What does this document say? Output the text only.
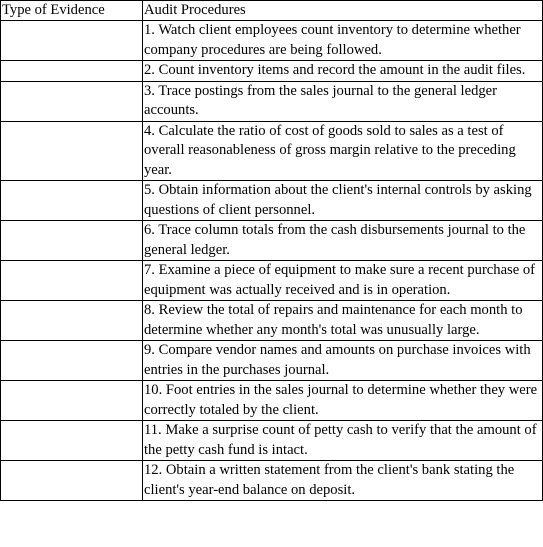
Type of Evidence	Audit Procedures
	1. Watch client employees count inventory to determine whether company procedures are being followed.
	2. Count inventory items and record the amount in the audit files.
	3. Trace postings from the sales journal to the general ledger accounts.
	4. Calculate the ratio of cost of goods sold to sales as a test of overall reasonableness of gross margin relative to the preceding year.
	5. Obtain information about the client's internal controls by asking questions of client personnel.
	6. Trace column totals from the cash disbursements journal to the general ledger.
	7. Examine a piece of equipment to make sure a recent purchase of equipment was actually received and is in operation.
	8. Review the total of repairs and maintenance for each month to determine whether any month's total was unusually large.
	9. Compare vendor names and amounts on purchase invoices with entries in the purchases journal.
	10. Foot entries in the sales journal to determine whether they were correctly totaled by the client.
	11. Make a surprise count of petty cash to verify that the amount of the petty cash fund is intact.
	12. Obtain a written statement from the client's bank stating the client's year-end balance on deposit.
